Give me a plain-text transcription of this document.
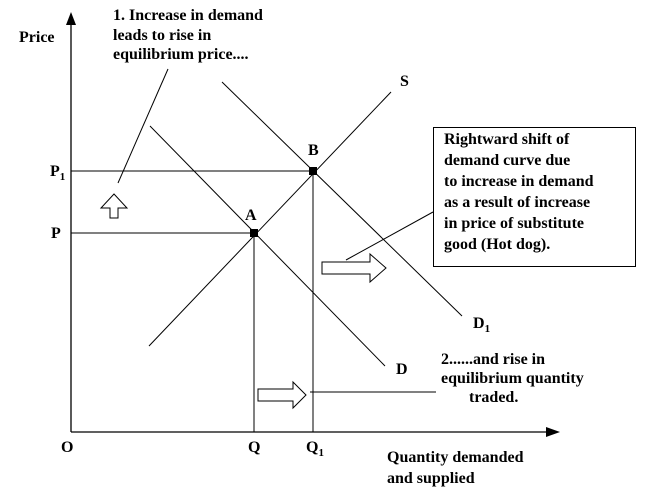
Price
O
Quantity demanded
and supplied
$P_1$
P
Q	$Q_1$
S
D
$D_1$
A
B
1. Increase in demand
leads to rise in
equilibrium price....
Rightward shift of
demand curve due
to increase in demand
as a result of increase
in price of substitute
good (Hot dog).
2......and rise in
equilibrium quantity
traded.
